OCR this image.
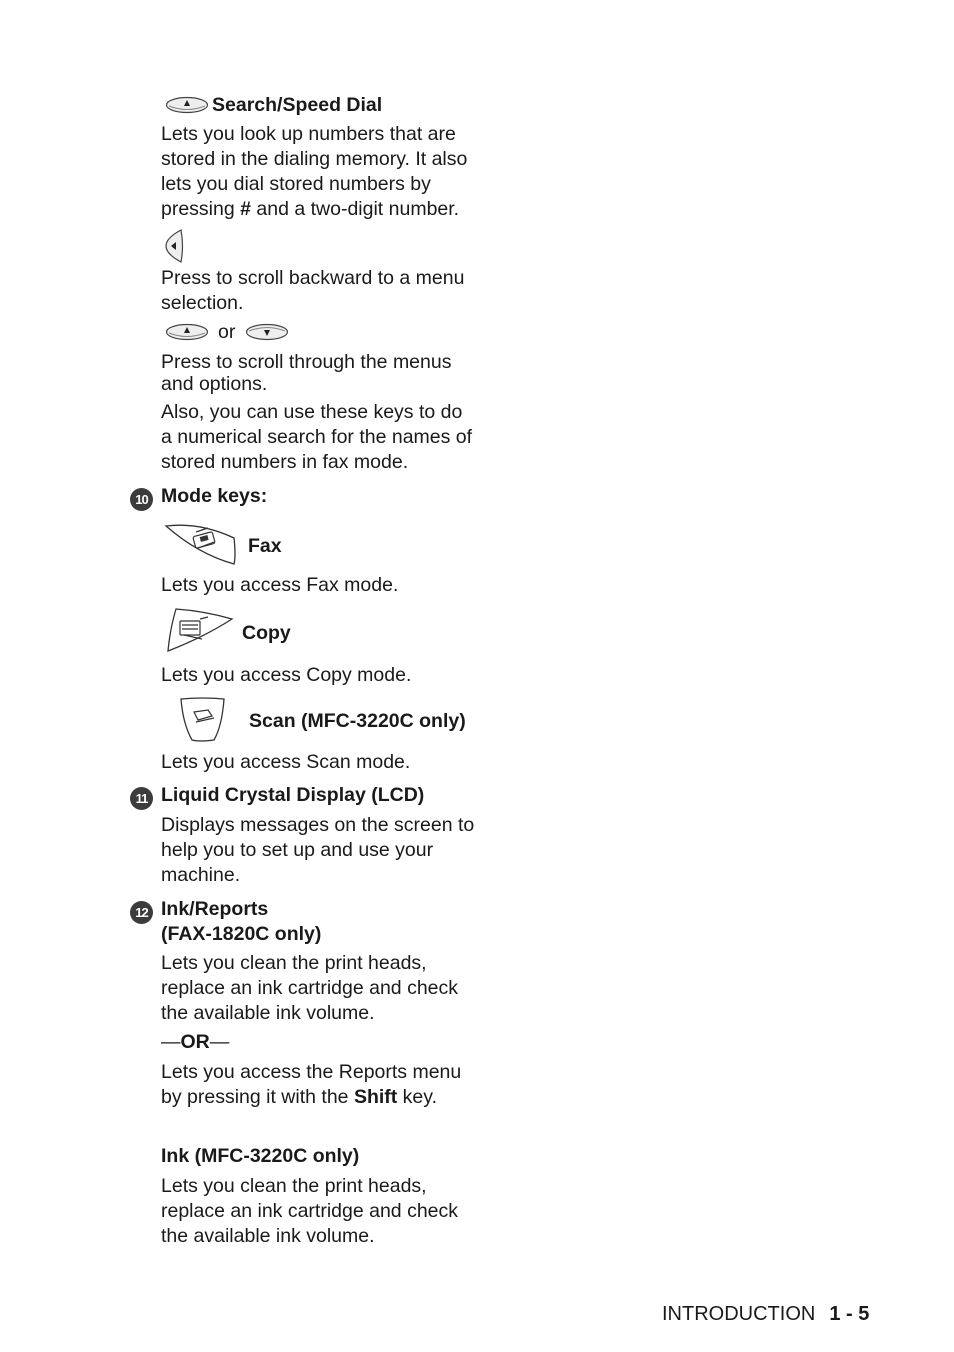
Search/Speed Dial
Lets you look up numbers that are
stored in the dialing memory. It also
lets you dial stored numbers by
pressing # and a two-digit number.
Press to scroll backward to a menu
selection.
or
Press to scroll through the menus
and options.
Also, you can use these keys to do
a numerical search for the names of
stored numbers in fax mode.
10 Mode keys:
Fax
Lets you access Fax mode.
Copy
Lets you access Copy mode.
Scan (MFC-3220C only)
Lets you access Scan mode.
11 Liquid Crystal Display (LCD)
Displays messages on the screen to
help you to set up and use your
machine.
12 Ink/Reports
(FAX-1820C only)
Lets you clean the print heads,
replace an ink cartridge and check
the available ink volume.
—OR—
Lets you access the Reports menu
by pressing it with the Shift key.
Ink (MFC-3220C only)
Lets you clean the print heads,
replace an ink cartridge and check
the available ink volume.
INTRODUCTION 1 - 5
